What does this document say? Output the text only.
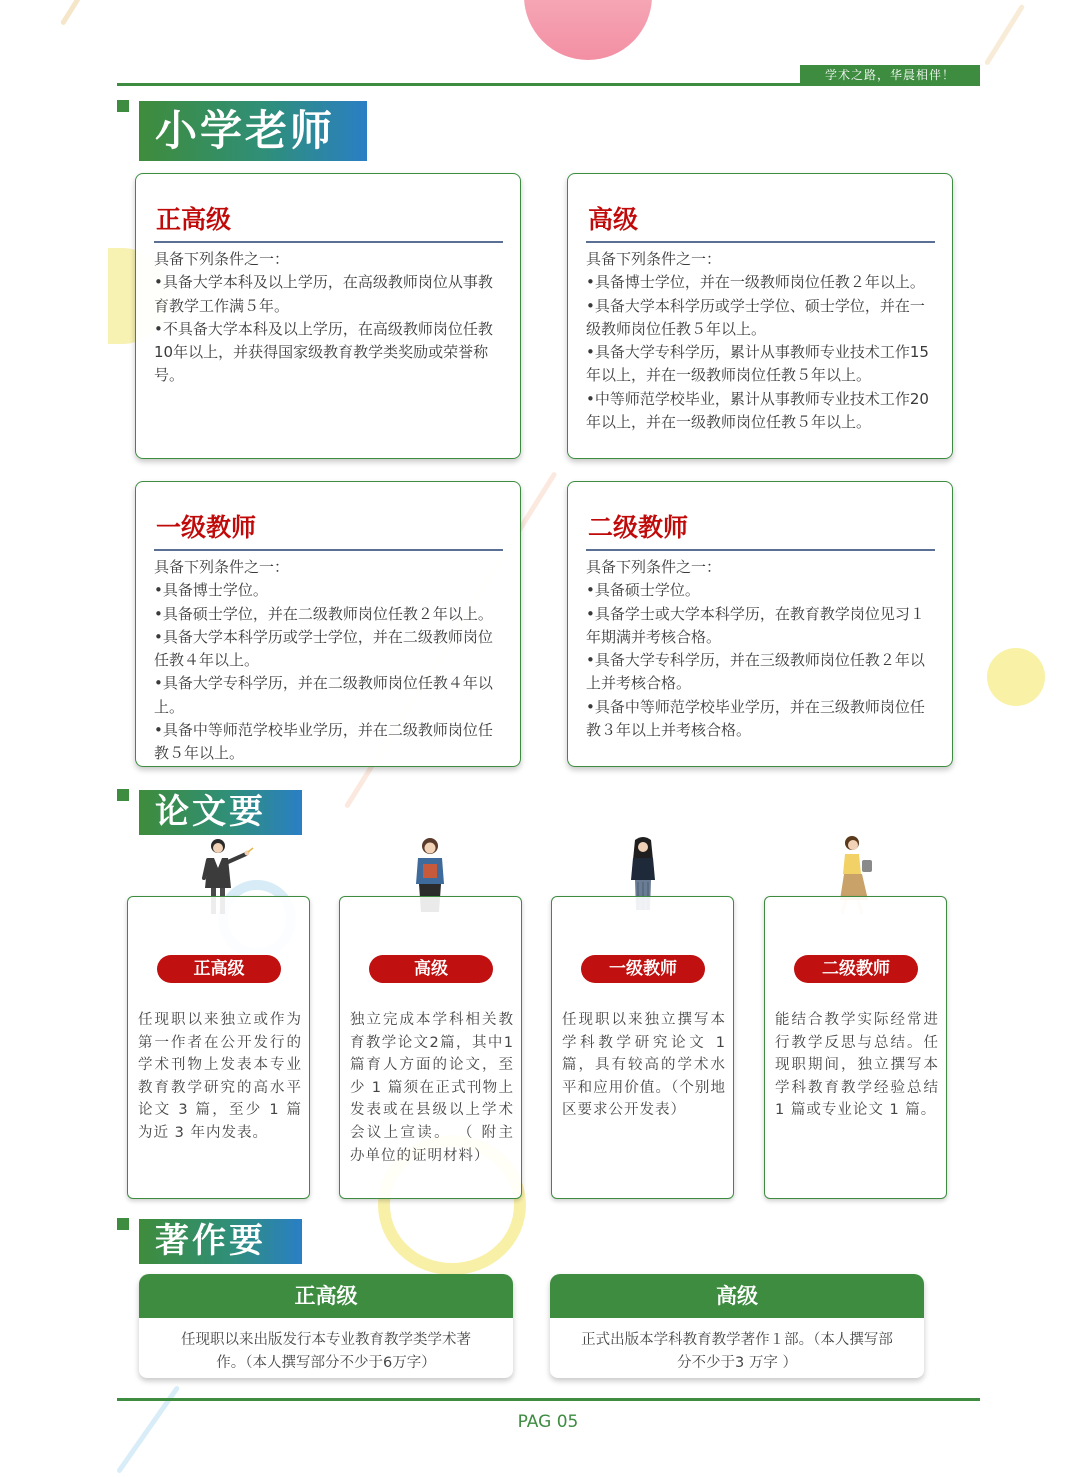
学术之路，华晨相伴！
小学老师
正高级
具备下列条件之一：
•具备大学本科及以上学历，在高级教师岗位从事教育教学工作满５年。
•不具备大学本科及以上学历，在高级教师岗位任教10年以上，并获得国家级教育教学类奖励或荣誉称号。
高级
具备下列条件之一：
•具备博士学位，并在一级教师岗位任教２年以上。
•具备大学本科学历或学士学位、硕士学位，并在一级教师岗位任教５年以上。
•具备大学专科学历，累计从事教师专业技术工作15年以上，并在一级教师岗位任教５年以上。
•中等师范学校毕业，累计从事教师专业技术工作20年以上，并在一级教师岗位任教５年以上。
一级教师
具备下列条件之一：
•具备博士学位。
•具备硕士学位，并在二级教师岗位任教２年以上。
•具备大学本科学历或学士学位，并在二级教师岗位任教４年以上。
•具备大学专科学历，并在二级教师岗位任教４年以上。
•具备中等师范学校毕业学历，并在二级教师岗位任教５年以上。
二级教师
具备下列条件之一：
•具备硕士学位。
•具备学士或大学本科学历，在教育教学岗位见习１年期满并考核合格。
•具备大学专科学历，并在三级教师岗位任教２年以上并考核合格。
•具备中等师范学校毕业学历，并在三级教师岗位任教３年以上并考核合格。
论文要求
正高级
任现职以来独立或作为第一作者在公开发行的学术刊物上发表本专业教育教学研究的高水平论文 3 篇，至少 1 篇为近 3 年内发表。
高级
独立完成本学科相关教育教学论文2篇，其中1篇育人方面的论文，至少 1 篇须在正式刊物上发表或在县级以上学术会议上宣读。 （ 附主办单位的证明材料）
一级教师
任现职以来独立撰写本学科教学研究论文 1 篇，具有较高的学术水平和应用价值。（个别地区要求公开发表）
二级教师
能结合教学实际经常进行教学反思与总结。任现职期间，独立撰写本学科教育教学经验总结 1 篇或专业论文 1 篇。
著作要
正高级
任现职以来出版发行本专业教育教学类学术著作。（本人撰写部分不少于6万字）
高级
正式出版本学科教育教学著作１部。（本人撰写部分不少于3 万字 ）
PAG 05
